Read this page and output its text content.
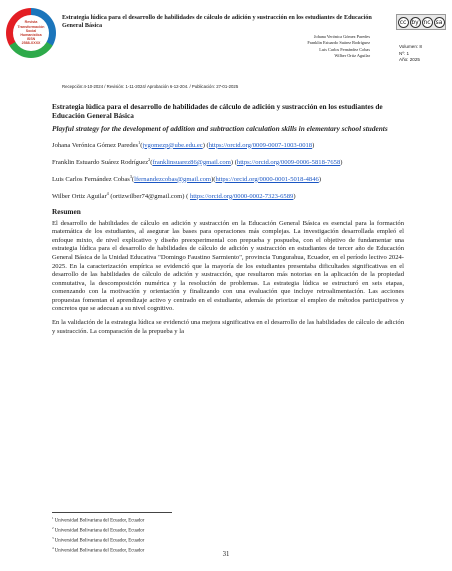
Revista
Transformación
Social
Humanística
ISSN
2588-XXXX

Estrategia lúdica para el desarrollo de habilidades de cálculo de adición y sustracción en los estudiantes de Educación General Básica	cc by nc sa
Johana Verónica Gómez Paredes
Franklin Estuardo Suárez Rodríguez
Luis Carlos Fernández Cobas
Wilber Ortiz Aguilar
Volumen: 8
Nº: 1
Año: 2025
Recepción:4-10-2024 / Revisión: 1-11-2024/ Aprobación 6-12-204. / Publicación: 27-01-2025

Estrategia lúdica para el desarrollo de habilidades de cálculo de adición y sustracción en los estudiantes de Educación General Básica

Playful strategy for the development of addition and subtraction calculation skills in elementary school students

Johana Verónica Gómez Paredes$^1$(jvgomezp@ube.edu.ec) (https://orcid.org/0009-0007-1003-0018)

Franklin Estuardo Suárez Rodríguez$^2$(franklinsuarez86@gmail.com) (https://orcid.org/0009-0006-5818-7658)

Luis Carlos Fernández Cobas$^3$(lfernandezcobas@gmail.com)(https://orcid.org/0000-0001-5018-4846)

Wilber Ortiz Aguilar$^4$ (ortizwilber74@gmail.com) ( https://orcid.org/0000-0002-7323-6589)

Resumen

El desarrollo de habilidades de cálculo en adición y sustracción en la Educación General Básica es esencial para la formación matemática de los estudiantes, al asegurar las bases para operaciones más complejas. La investigación desarrollada empleó el enfoque mixto, de nivel explicativo y diseño preexperimental con prepueba y pospueba, con el objetivo de fundamentar una estrategia lúdica para el desarrollo de habilidades de cálculo de adición y sustracción en estudiantes de tercer año de Educación General Básica de la Unidad Educativa "Domingo Faustino Sarmiento", provincia Tungurahua, Ecuador, en el período lectivo 2024-2025. En la caracterización empírica se evidenció que la mayoría de los estudiantes presentaba dificultades significativas en el desarrollo de las habilidades de cálculo de adición y sustracción, que resultaron más notorias en la aplicación de la propiedad conmutativa, la descomposición numérica y la resolución de problemas. La estrategia lúdica se estructuró en seis etapas, comenzando con la motivación y orientación y finalizando con una evaluación que incluye retroalimentación. Las acciones propuestas fomentan el aprendizaje activo y centrado en el estudiante, además de priorizar el empleo de métodos participativos y concretos que se adecuan a su nivel cognitivo.

En la validación de la estrategia lúdica se evidenció una mejora significativa en el desarrollo de las habilidades de cálculo de adición y sustracción. La comparación de la prepueba y la

$^1$ Universidad Bolivariana del Ecuador, Ecuador
$^2$ Universidad Bolivariana del Ecuador, Ecuador
$^3$ Universidad Bolivariana del Ecuador, Ecuador
$^4$ Universidad Bolivariana del Ecuador, Ecuador
31
